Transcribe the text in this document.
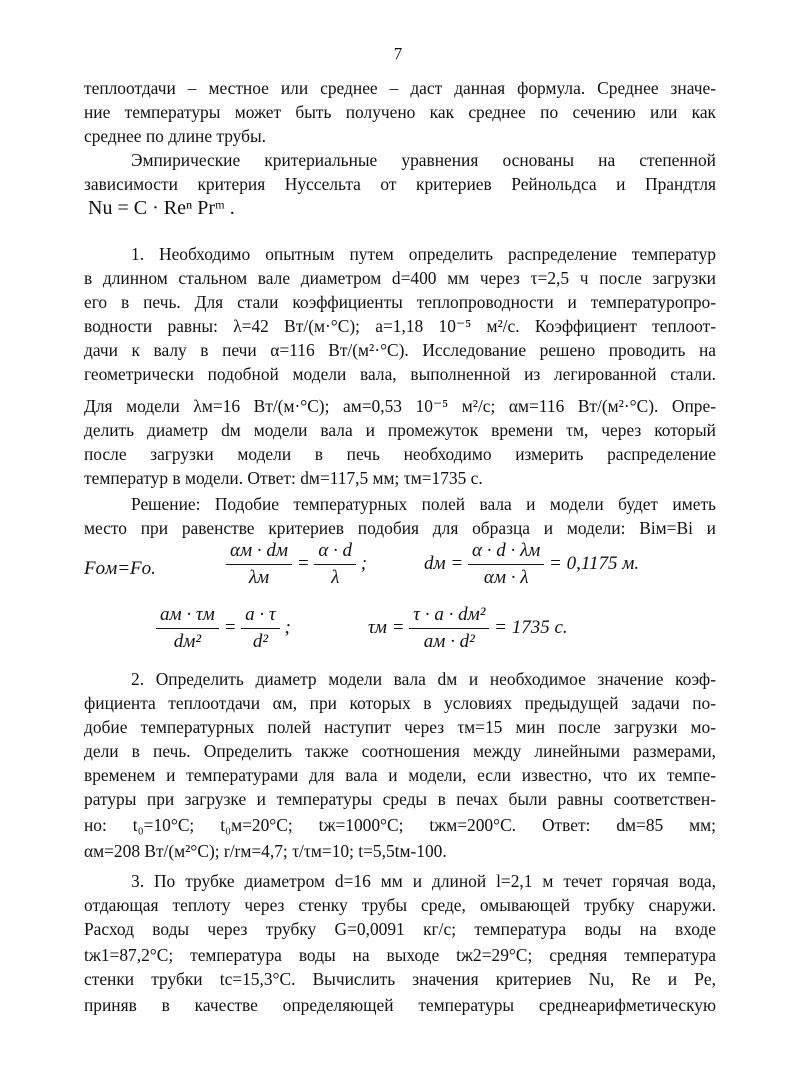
7
теплоотдачи – местное или среднее – даст данная формула. Среднее значе-
ние температуры может быть получено как среднее по сечению или как
среднее по длине трубы.
Эмпирические критериальные уравнения основаны на степенной
зависимости критерия Нуссельта от критериев Рейнольдса и Прандтля
Nu = C · Reⁿ Prᵐ .
1. Необходимо опытным путем определить распределение температур
в длинном стальном вале диаметром d=400 мм через τ=2,5 ч после загрузки
его в печь. Для стали коэффициенты теплопроводности и температуропро-
водности равны: λ=42 Вт/(м·°С); a=1,18 10⁻⁵ м²/с. Коэффициент теплоот-
дачи к валу в печи α=116 Вт/(м²·°С). Исследование решено проводить на
геометрически подобной модели вала, выполненной из легированной стали.
Для модели λм=16 Вт/(м·°С); aм=0,53 10⁻⁵ м²/с; αм=116 Вт/(м²·°С). Опре-
делить диаметр dм модели вала и промежуток времени τм, через который
после загрузки модели в печь необходимо измерить распределение
температур в модели. Ответ: dм=117,5 мм; τм=1735 с.
Решение: Подобие температурных полей вала и модели будет иметь
место при равенстве критериев подобия для образца и модели: Biм=Bi и
Foм=Fo.	$\frac{\alpha м \cdot dм}{\lambda м} = \frac{\alpha \cdot d}{\lambda}$ ;	dм = $\frac{\alpha \cdot d \cdot \lambda м}{\alpha м \cdot \lambda} = 0,1175$ м.
$\frac{aм \cdot \tau м}{\text{dм²}} = \frac{a \cdot \tau}{\text{d²}}$ ;	$\tau м = \frac{\text{τ · a · dм²}}{\text{aм · d²}} = 1735$ с.
2. Определить диаметр модели вала dм и необходимое значение коэф-
фициента теплоотдачи αм, при которых в условиях предыдущей задачи по-
добие температурных полей наступит через τм=15 мин после загрузки мо-
дели в печь. Определить также соотношения между линейными размерами,
временем и температурами для вала и модели, если известно, что их темпе-
ратуры при загрузке и температуры среды в печах были равны соответствен-
но: t₀=10°С; t₀м=20°С; tж=1000°С; tжм=200°С. Ответ: dм=85 мм;
αм=208 Вт/(м²°С); r/rм=4,7; τ/τм=10; t=5,5tм-100.
3. По трубке диаметром d=16 мм и длиной l=2,1 м течет горячая вода,
отдающая теплоту через стенку трубы среде, омывающей трубку снаружи.
Расход воды через трубку G=0,0091 кг/с; температура воды на входе
tж1=87,2°С; температура воды на выходе tж2=29°С; средняя температура
стенки трубки tс=15,3°С. Вычислить значения критериев Nu, Re и Pe,
приняв в качестве определяющей температуры среднеарифметическую
